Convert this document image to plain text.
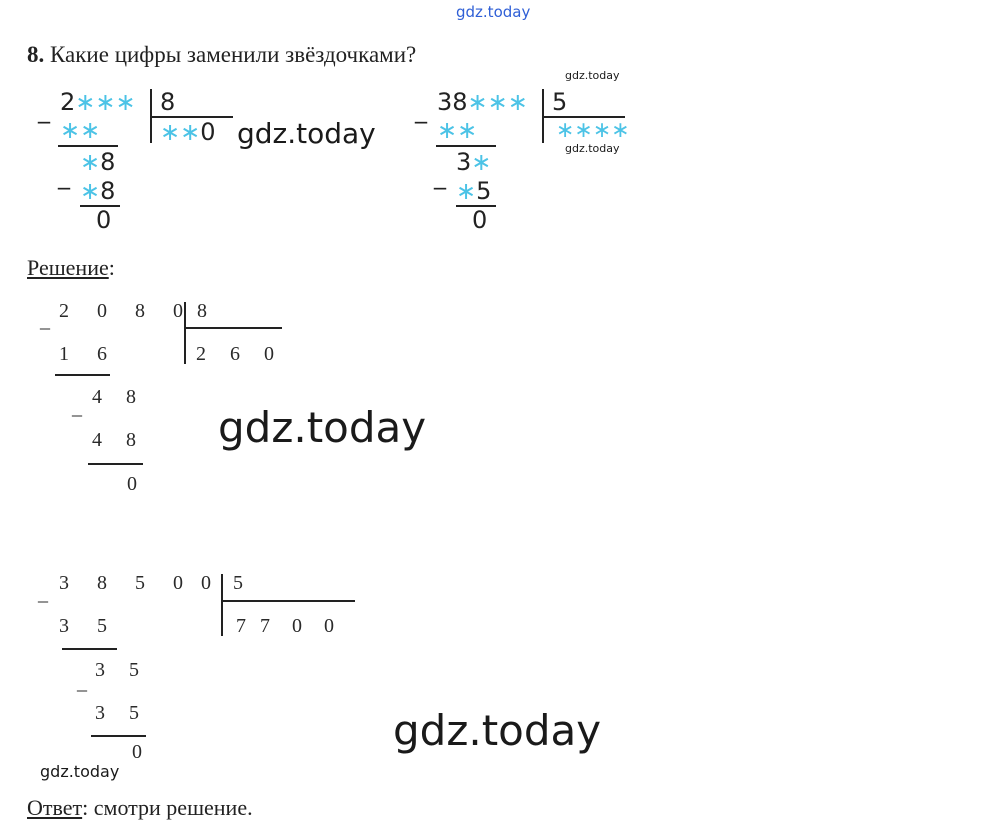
gdz.today
8. Какие цифры заменили звёздочками?
_ 2∗∗∗
∗∗
8
∗∗0
_ ∗8
∗8
0
gdz.today
gdz.today
_ 38∗∗∗
∗∗
5
∗∗∗∗
gdz.today
_ 3∗
∗5
0
Решение:
_ 2 0 8 0 8
2 6 0
1 6
_ 4 8
4 8
0
gdz.today
_ 3 8 5 0 0 5
7 7 0 0
3 5
_
3 5
3 5
0	gdz.today
gdz.today
Ответ: смотри решение.
